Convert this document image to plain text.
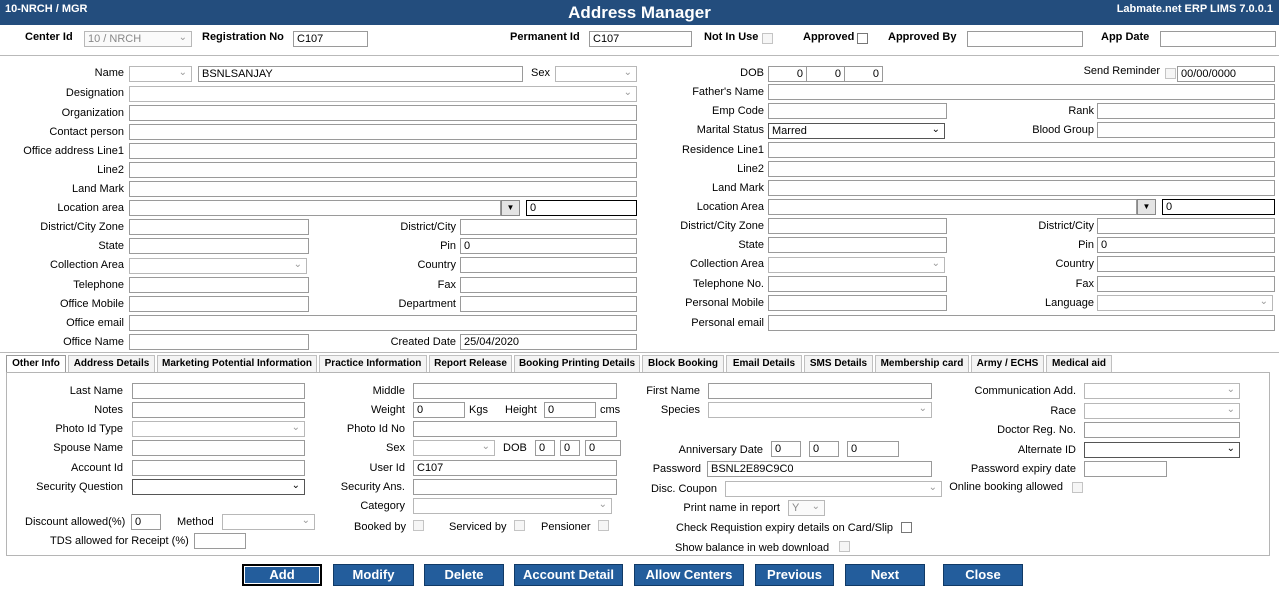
10-NRCH / MGR	Address Manager	Labmate.net ERP LIMS 7.0.0.1
Center Id	10 / NRCH	⌄ Registration No	C107	Permanent Id	C107	Not In Use	Approved	Approved By	App Date
Name	⌄	BSNLSANJAY	Sex	⌄
Designation	⌄
Organization
Contact person
Office address Line1
Line2
Land Mark
Location area	▼	0
District/City Zone	District/City
State	Pin 0
Collection Area	⌄	Country
Telephone	Fax
Office Mobile	Department
Office email
Office Name	Created Date 25/04/2020
DOB	0	0	0	Send Reminder	00/00/0000
Father's Name
Emp Code	Rank
Marital Status Marred	⌄	Blood Group
Residence Line1
Line2
Land Mark
Location Area	▼	0
District/City Zone	District/City
State	Pin 0
Collection Area	⌄	Country
Telephone No.	Fax
Personal Mobile	Language	⌄
Personal email
Other Info	Address Details	Marketing Potential Information	Practice Information	Report Release	Booking Printing Details	Block Booking	Email Details	SMS Details	Membership card	Army / ECHS	Medical aid
Last Name
Notes
Photo Id Type	⌄
Spouse Name
Account Id
Security Question	⌄
Discount allowed(%) 0	Method	⌄
TDS allowed for Receipt (%)
Middle
Weight	0	Kgs Height	0	cms
Photo Id No
Sex	⌄ DOB	0	0	0
User Id	C107
Security Ans.
Category	⌄
Booked by	Serviced by	Pensioner
First Name
Species	⌄
Anniversary Date	0	0	0
Password BSNL2E89C9C0
Disc. Coupon	⌄
Print name in report	Y ⌄
Check Requistion expiry details on Card/Slip
Show balance in web download
Communication Add.	⌄
Race	⌄
Doctor Reg. No.
Alternate ID	⌄
Password expiry date
Online booking allowed
Add	Modify	Delete	Account Detail	Allow Centers	Previous	Next	Close
